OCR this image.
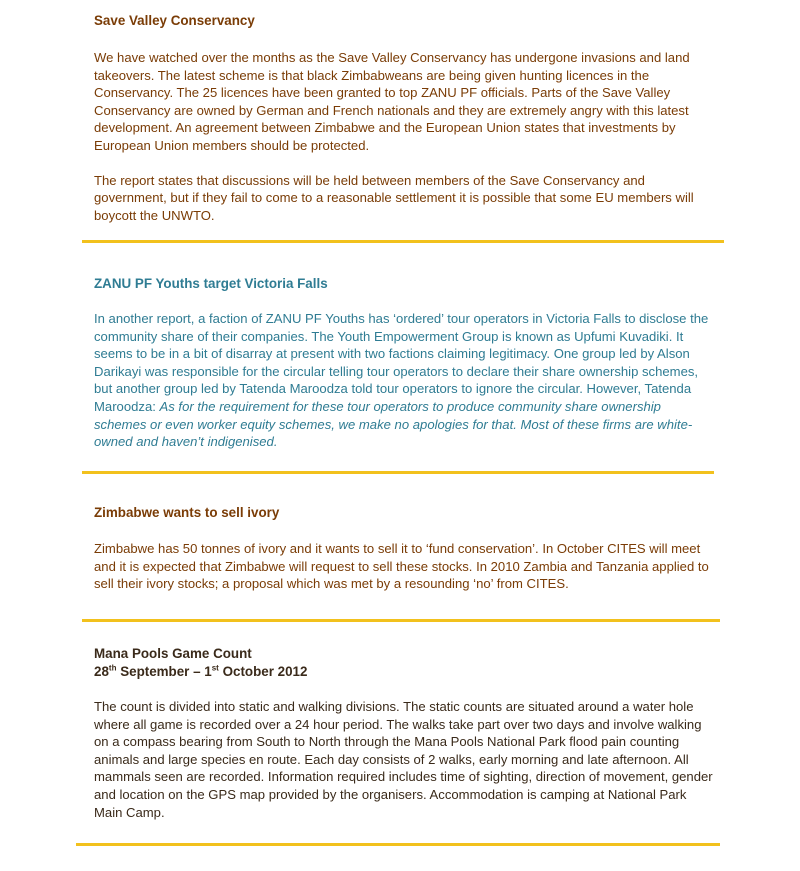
Save Valley Conservancy

We have watched over the months as the Save Valley Conservancy has undergone invasions and land takeovers. The latest scheme is that black Zimbabweans are being given hunting licences in the Conservancy. The 25 licences have been granted to top ZANU PF officials. Parts of the Save Valley Conservancy are owned by German and French nationals and they are extremely angry with this latest development. An agreement between Zimbabwe and the European Union states that investments by European Union members should be protected.

The report states that discussions will be held between members of the Save Conservancy and government, but if they fail to come to a reasonable settlement it is possible that some EU members will boycott the UNWTO.

ZANU PF Youths target Victoria Falls

In another report, a faction of ZANU PF Youths has ‘ordered’ tour operators in Victoria Falls to disclose the community share of their companies. The Youth Empowerment Group is known as Upfumi Kuvadiki. It seems to be in a bit of disarray at present with two factions claiming legitimacy. One group led by Alson Darikayi was responsible for the circular telling tour operators to declare their share ownership schemes, but another group led by Tatenda Maroodza told tour operators to ignore the circular. However, Tatenda Maroodza: As for the requirement for these tour operators to produce community share ownership schemes or even worker equity schemes, we make no apologies for that. Most of these firms are white-owned and haven’t indigenised.

Zimbabwe wants to sell ivory

Zimbabwe has 50 tonnes of ivory and it wants to sell it to ‘fund conservation’. In October CITES will meet and it is expected that Zimbabwe will request to sell these stocks. In 2010 Zambia and Tanzania applied to sell their ivory stocks; a proposal which was met by a resounding ‘no’ from CITES.

Mana Pools Game Count
28th September – 1st October 2012

The count is divided into static and walking divisions. The static counts are situated around a water hole where all game is recorded over a 24 hour period. The walks take part over two days and involve walking on a compass bearing from South to North through the Mana Pools National Park flood pain counting animals and large species en route. Each day consists of 2 walks, early morning and late afternoon. All mammals seen are recorded. Information required includes time of sighting, direction of movement, gender and location on the GPS map provided by the organisers. Accommodation is camping at National Park Main Camp.
